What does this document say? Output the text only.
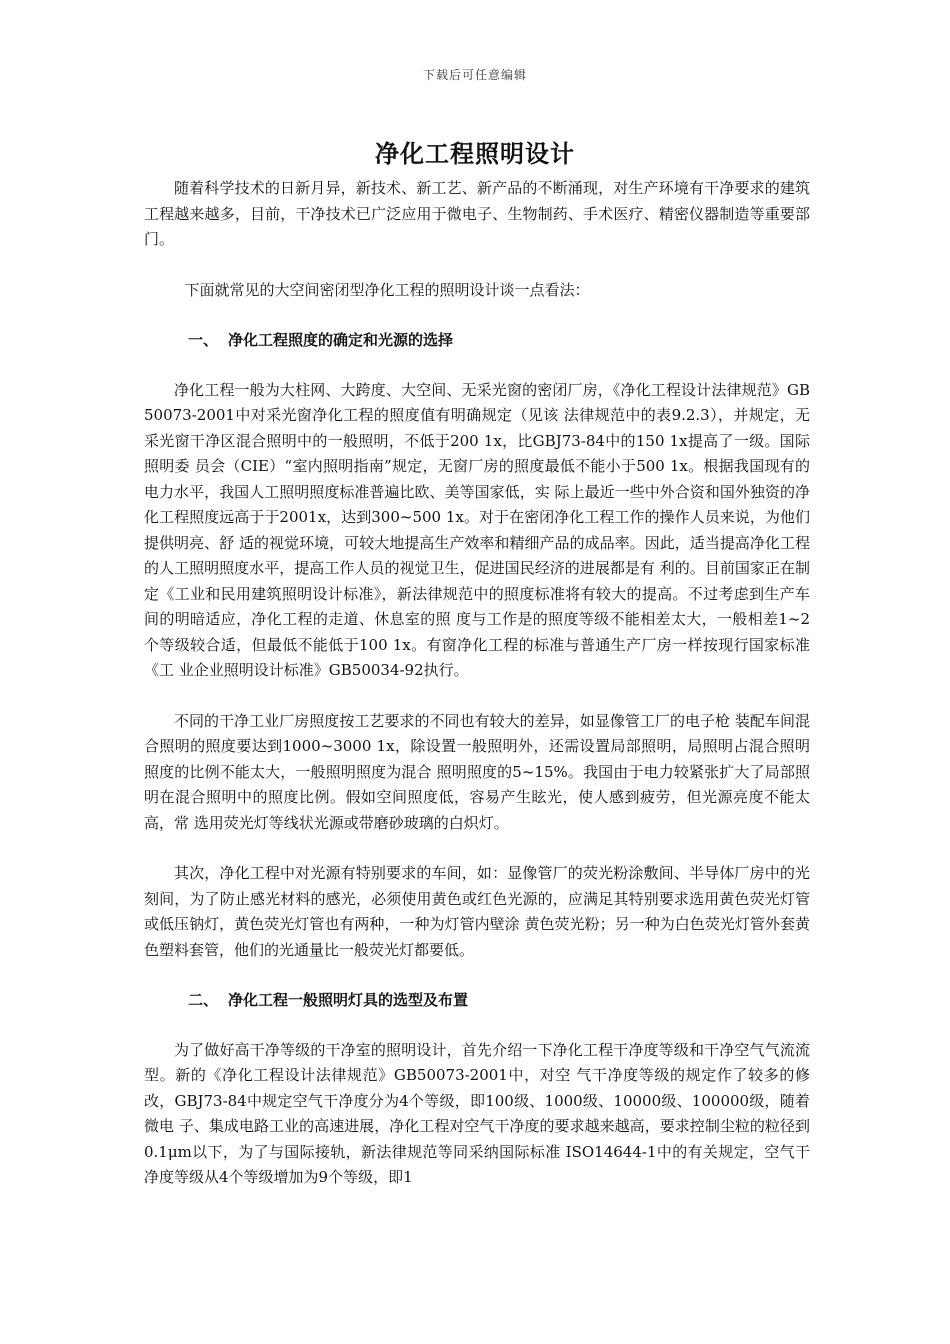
下载后可任意编辑
净化工程照明设计

随着科学技术的日新月异，新技术、新工艺、新产品的不断涌现，对生产环境有干净要求的建筑工程越来越多，目前，干净技术已广泛应用于微电子、生物制药、手术医疗、精密仪器制造等重要部门。

下面就常见的大空间密闭型净化工程的照明设计谈一点看法：

一、 净化工程照度的确定和光源的选择

净化工程一般为大柱网、大跨度、大空间、无采光窗的密闭厂房，《净化工程设计法律规范》GB50073-2001中对采光窗净化工程的照度值有明确规定（见该 法律规范中的表9.2.3），并规定，无采光窗干净区混合照明中的一般照明，不低于200 1x，比GBJ73-84中的150 1x提高了一级。国际照明委 员会（CIE）“室内照明指南”规定，无窗厂房的照度最低不能小于500 1x。根据我国现有的电力水平，我国人工照明照度标准普遍比欧、美等国家低，实 际上最近一些中外合资和国外独资的净化工程照度远高于于2001x，达到300~500 1x。对于在密闭净化工程工作的操作人员来说，为他们提供明亮、舒 适的视觉环境，可较大地提高生产效率和精细产品的成品率。因此，适当提高净化工程的人工照明照度水平，提高工作人员的视觉卫生，促进国民经济的进展都是有 利的。目前国家正在制定《工业和民用建筑照明设计标准》，新法律规范中的照度标准将有较大的提高。不过考虑到生产车间的明暗适应，净化工程的走道、休息室的照 度与工作是的照度等级不能相差太大，一般相差1~2个等级较合适，但最低不能低于100 1x。有窗净化工程的标准与普通生产厂房一样按现行国家标准《工 业企业照明设计标准》GB50034-92执行。

不同的干净工业厂房照度按工艺要求的不同也有较大的差异，如显像管工厂的电子枪 装配车间混合照明的照度要达到1000~3000 1x，除设置一般照明外，还需设置局部照明，局照明占混合照明照度的比例不能太大，一般照明照度为混合 照明照度的5~15%。我国由于电力较紧张扩大了局部照明在混合照明中的照度比例。假如空间照度低，容易产生眩光，使人感到疲劳，但光源亮度不能太高，常 选用荧光灯等线状光源或带磨砂玻璃的白炽灯。

其次，净化工程中对光源有特别要求的车间，如：显像管厂的荧光粉涂敷间、半导体厂房中的光刻间，为了防止感光材料的感光，必须使用黄色或红色光源的，应满足其特别要求选用黄色荧光灯管或低压钠灯，黄色荧光灯管也有两种，一种为灯管内壁涂 黄色荧光粉；另一种为白色荧光灯管外套黄色塑料套管，他们的光通量比一般荧光灯都要低。

二、 净化工程一般照明灯具的选型及布置

为了做好高干净等级的干净室的照明设计，首先介绍一下净化工程干净度等级和干净空气气流流型。新的《净化工程设计法律规范》GB50073-2001中，对空 气干净度等级的规定作了较多的修改，GBJ73-84中规定空气干净度分为4个等级，即100级、1000级、10000级、100000级，随着微电 子、集成电路工业的高速进展，净化工程对空气干净度的要求越来越高，要求控制尘粒的粒径到0.1μm以下，为了与国际接轨，新法律规范等同采纳国际标准 ISO14644-1中的有关规定，空气干净度等级从4个等级增加为9个等级，即1
